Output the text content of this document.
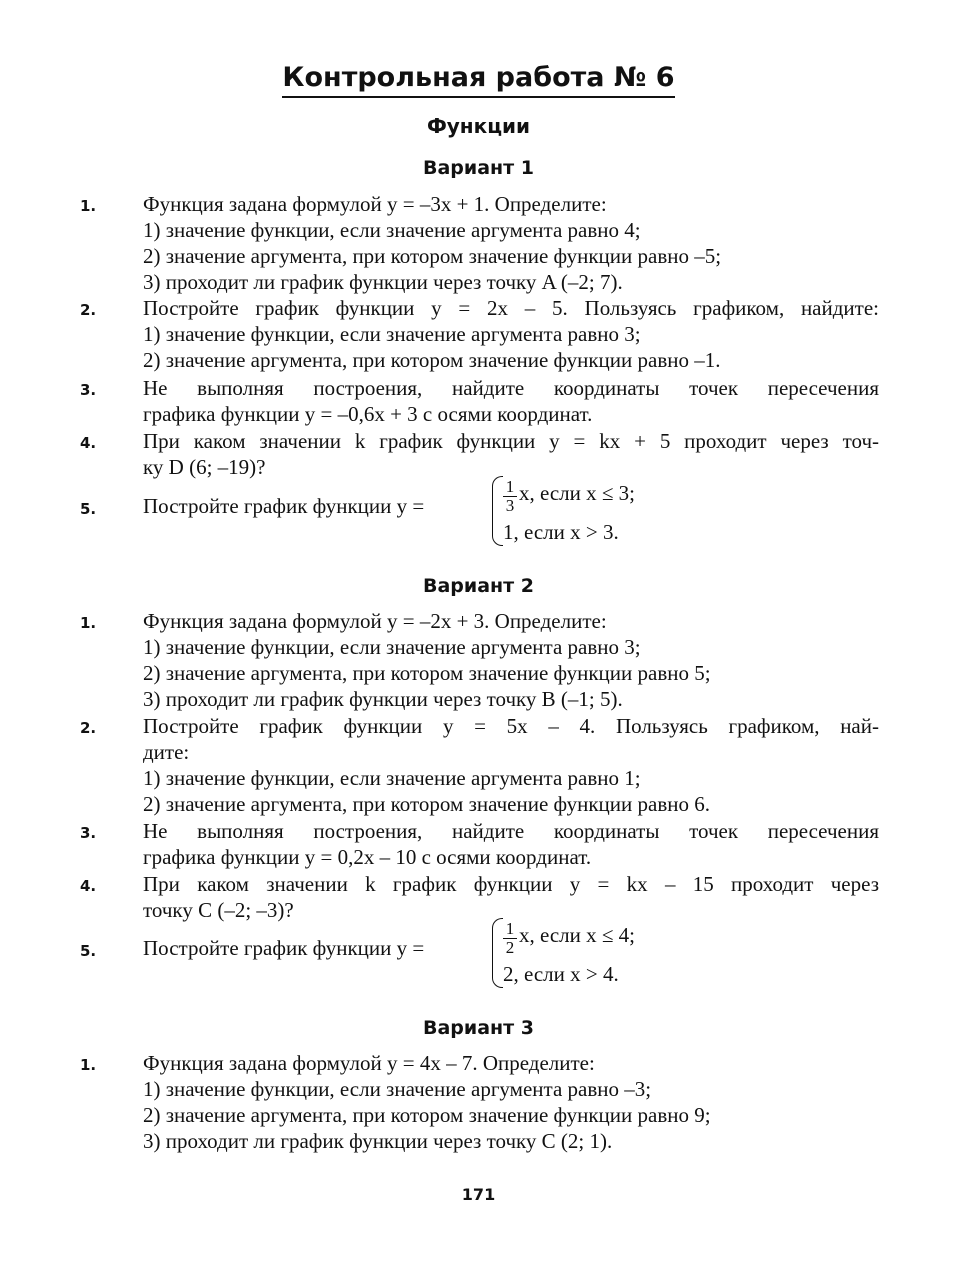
Контрольная работа № 6
Функции
Вариант 1
1. Функция задана формулой y = –3x + 1. Определите:
1) значение функции, если значение аргумента равно 4;
2) значение аргумента, при котором значение функции равно –5;
3) проходит ли график функции через точку A (–2; 7).
2. Постройте график функции y = 2x – 5. Пользуясь графиком, найдите:
1) значение функции, если значение аргумента равно 3;
2) значение аргумента, при котором значение функции равно –1.
3. Не выполняя построения, найдите координаты точек пересечения
графика функции y = –0,6x + 3 с осями координат.
4. При каком значении k график функции y = kx + 5 проходит через точ-
ку D (6; –19)?
5. Постройте график функции y =	$\frac{1}{3} x$, если x ≤ 3;
1, если x > 3.
Вариант 2
1. Функция задана формулой y = –2x + 3. Определите:
1) значение функции, если значение аргумента равно 3;
2) значение аргумента, при котором значение функции равно 5;
3) проходит ли график функции через точку B (–1; 5).
2. Постройте график функции y = 5x – 4. Пользуясь графиком, най-
дите:
1) значение функции, если значение аргумента равно 1;
2) значение аргумента, при котором значение функции равно 6.
3. Не выполняя построения, найдите координаты точек пересечения
графика функции y = 0,2x – 10 с осями координат.
4. При каком значении k график функции y = kx – 15 проходит через
точку C (–2; –3)?
5. Постройте график функции y =	$\frac{1}{2} x$, если x ≤ 4;
2, если x > 4.
Вариант 3
1. Функция задана формулой y = 4x – 7. Определите:
1) значение функции, если значение аргумента равно –3;
2) значение аргумента, при котором значение функции равно 9;
3) проходит ли график функции через точку C (2; 1).
171
